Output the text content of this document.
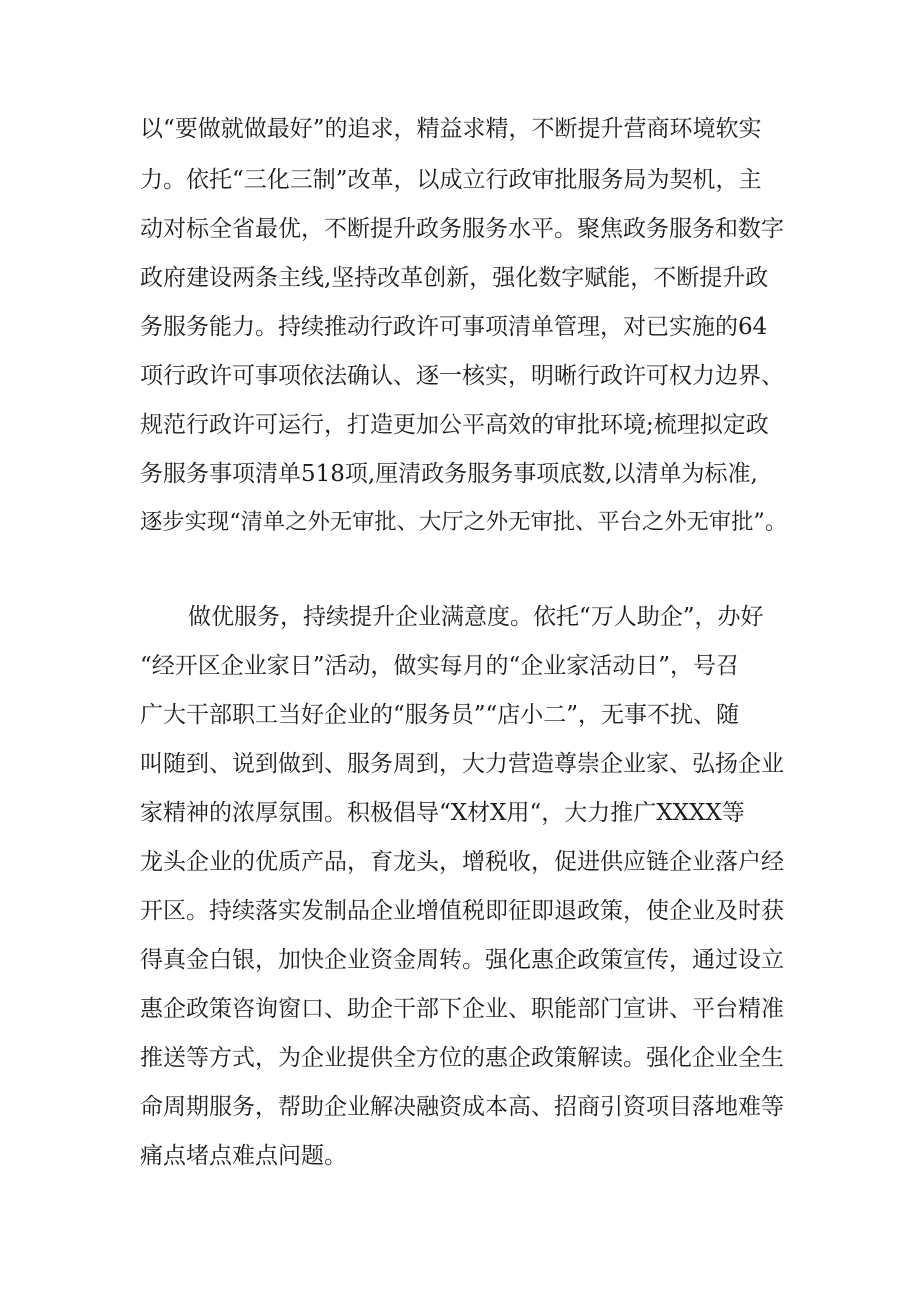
以“要做就做最好”的追求，精益求精，不断提升营商环境软实
力。依托“三化三制”改革，以成立行政审批服务局为契机，主
动对标全省最优，不断提升政务服务水平。聚焦政务服务和数字
政府建设两条主线,坚持改革创新，强化数字赋能，不断提升政
务服务能力。持续推动行政许可事项清单管理，对已实施的64
项行政许可事项依法确认、逐一核实，明晰行政许可权力边界、
规范行政许可运行，打造更加公平高效的审批环境;梳理拟定政
务服务事项清单518项,厘清政务服务事项底数,以清单为标准,
逐步实现“清单之外无审批、大厅之外无审批、平台之外无审批”。
做优服务，持续提升企业满意度。依托“万人助企”，办好
“经开区企业家日”活动，做实每月的“企业家活动日”，号召
广大干部职工当好企业的“服务员”“店小二”，无事不扰、随
叫随到、说到做到、服务周到，大力营造尊崇企业家、弘扬企业
家精神的浓厚氛围。积极倡导“X材X用“，大力推广XXXX等
龙头企业的优质产品，育龙头，增税收，促进供应链企业落户经
开区。持续落实发制品企业增值税即征即退政策，使企业及时获
得真金白银，加快企业资金周转。强化惠企政策宣传，通过设立
惠企政策咨询窗口、助企干部下企业、职能部门宣讲、平台精准
推送等方式，为企业提供全方位的惠企政策解读。强化企业全生
命周期服务，帮助企业解决融资成本高、招商引资项目落地难等
痛点堵点难点问题。
